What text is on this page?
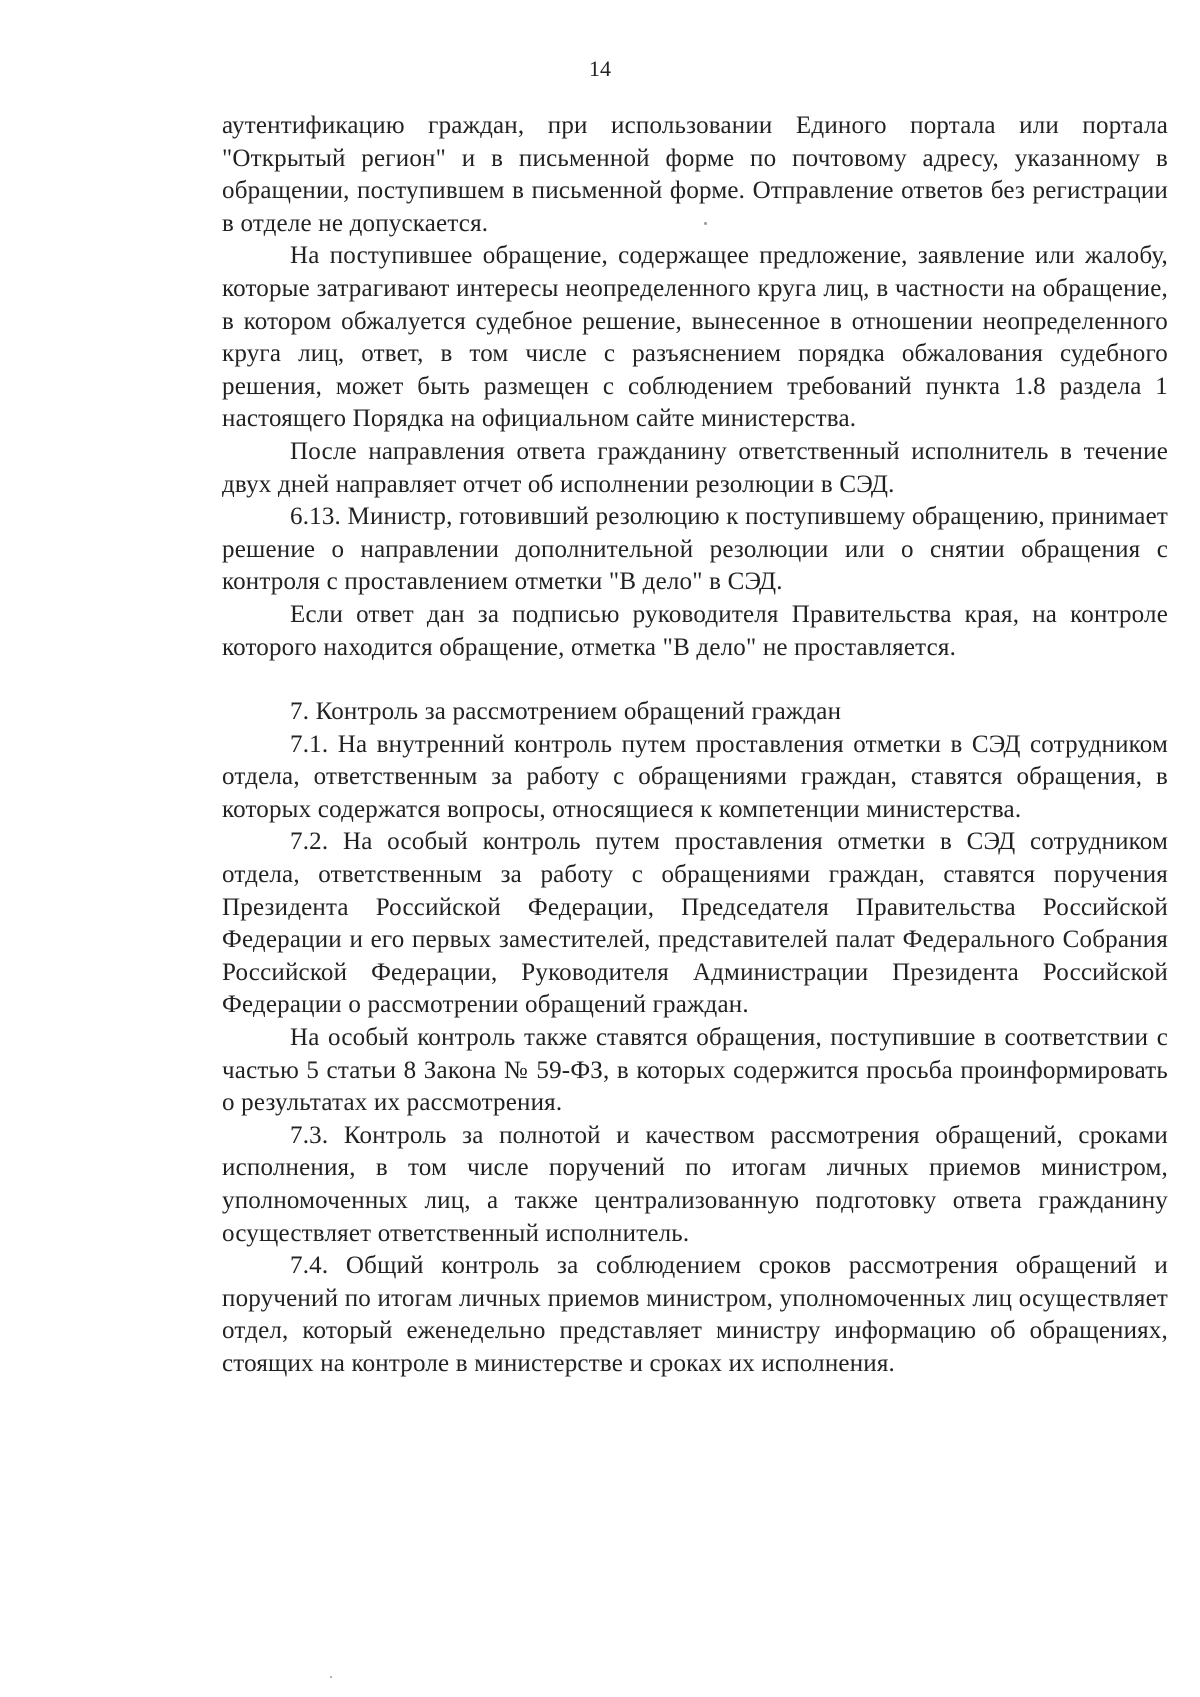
14

аутентификацию граждан, при использовании Единого портала или портала "Открытый регион" и в письменной форме по почтовому адресу, указанному в обращении, поступившем в письменной форме. Отправление ответов без регистрации в отделе не допускается.

На поступившее обращение, содержащее предложение, заявление или жалобу, которые затрагивают интересы неопределенного круга лиц, в частности на обращение, в котором обжалуется судебное решение, вынесенное в отношении неопределенного круга лиц, ответ, в том числе с разъяснением порядка обжалования судебного решения, может быть размещен с соблюдением требований пункта 1.8 раздела 1 настоящего Порядка на официальном сайте министерства.

После направления ответа гражданину ответственный исполнитель в течение двух дней направляет отчет об исполнении резолюции в СЭД.

6.13. Министр, готовивший резолюцию к поступившему обращению, принимает решение о направлении дополнительной резолюции или о снятии обращения с контроля с проставлением отметки "В дело" в СЭД.

Если ответ дан за подписью руководителя Правительства края, на контроле которого находится обращение, отметка "В дело" не проставляется.

7. Контроль за рассмотрением обращений граждан

7.1. На внутренний контроль путем проставления отметки в СЭД сотрудником отдела, ответственным за работу с обращениями граждан, ставятся обращения, в которых содержатся вопросы, относящиеся к компетенции министерства.

7.2. На особый контроль путем проставления отметки в СЭД сотрудником отдела, ответственным за работу с обращениями граждан, ставятся поручения Президента Российской Федерации, Председателя Правительства Российской Федерации и его первых заместителей, представителей палат Федерального Собрания Российской Федерации, Руководителя Администрации Президента Российской Федерации о рассмотрении обращений граждан.

На особый контроль также ставятся обращения, поступившие в соответствии с частью 5 статьи 8 Закона № 59-ФЗ, в которых содержится просьба проинформировать о результатах их рассмотрения.

7.3. Контроль за полнотой и качеством рассмотрения обращений, сроками исполнения, в том числе поручений по итогам личных приемов министром, уполномоченных лиц, а также централизованную подготовку ответа гражданину осуществляет ответственный исполнитель.

7.4. Общий контроль за соблюдением сроков рассмотрения обращений и поручений по итогам личных приемов министром, уполномоченных лиц осуществляет отдел, который еженедельно представляет министру информацию об обращениях, стоящих на контроле в министерстве и сроках их исполнения.
